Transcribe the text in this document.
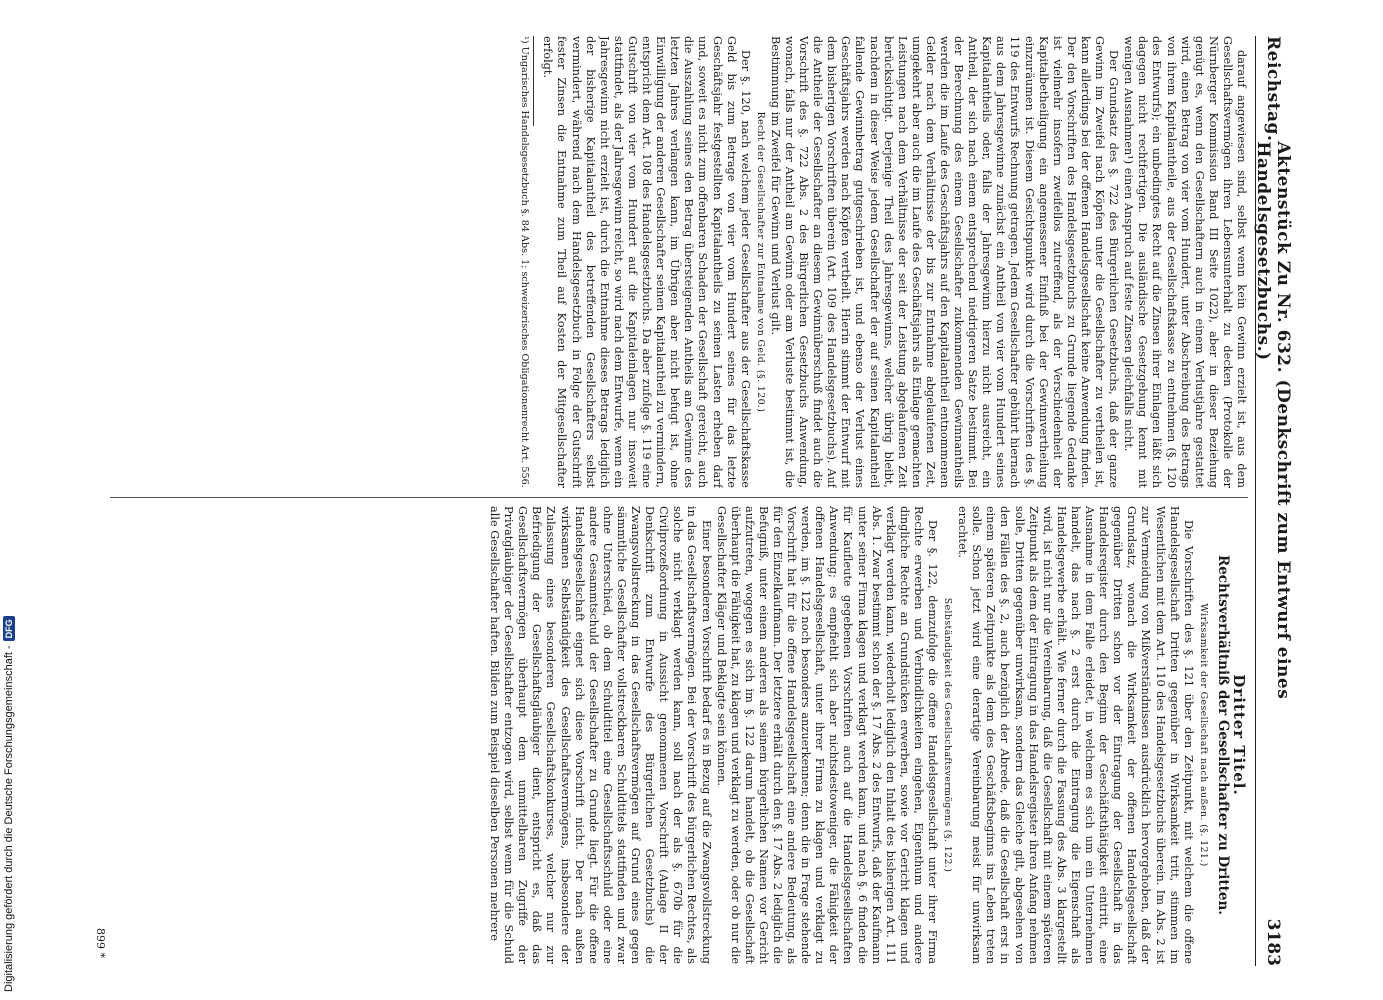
Digitalisierung gefördert durch die Deutsche Forschungsgemeinschaft -
DFG
Reichstag.
Aktenstück Zu Nr. 632. (Denkschrift zum Entwurf eines Handelsgesetzbuchs.)
3183

darauf angewiesen sind, selbst wenn kein Gewinn erzielt ist, aus dem Gesellschaftsvermögen ihren Lebensunterhalt zu decken (Protokolle der Nürnberger Kommission Band III Seite 1022), aber in dieser Beziehung genügt es, wenn den Gesellschaftern auch in einem Verlustjahre gestattet wird, einen Betrag von vier vom Hundert, unter Abschreibung des Betrags von ihrem Kapitalantheile, aus der Gesellschaftskasse zu entnehmen (§. 120 des Entwurfs); ein unbedingtes Recht auf die Zinsen ihrer Einlagen läßt sich dagegen nicht rechtfertigen. Die ausländische Gesetzgebung kennt mit wenigen Ausnahmen¹) einen Anspruch auf feste Zinsen gleichfalls nicht.

Der Grundsatz des §. 722 des Bürgerlichen Gesetzbuchs, daß der ganze Gewinn im Zweifel nach Köpfen unter die Gesellschafter zu vertheilen ist, kann allerdings bei der offenen Handelsgesellschaft keine Anwendung finden. Der den Vorschriften des Handelsgesetzbuchs zu Grunde liegende Gedanke ist vielmehr insofern zweifellos zutreffend, als der Verschiedenheit der Kapitalbetheiligung ein angemessener Einfluß bei der Gewinnvertheilung einzuräumen ist. Diesem Gesichtspunkte wird durch die Vorschriften des §. 119 des Entwurfs Rechnung getragen. Jedem Gesellschafter gebührt hiernach aus dem Jahresgewinne zunächst ein Antheil von vier vom Hundert seines Kapitalantheils oder, falls der Jahresgewinn hierzu nicht ausreicht, ein Antheil, der sich nach einem entsprechend niedrigeren Satze bestimmt. Bei der Berechnung des einem Gesellschafter zukommenden Gewinnantheils werden die im Laufe des Geschäftsjahrs auf den Kapitalantheil entnommenen Gelder nach dem Verhältnisse der bis zur Entnahme abgelaufenen Zeit, umgekehrt aber auch die im Laufe des Geschäftsjahrs als Einlage gemachten Leistungen nach dem Verhältnisse der seit der Leistung abgelaufenen Zeit berücksichtigt. Derjenige Theil des Jahresgewinns, welcher übrig bleibt, nachdem in dieser Weise jedem Gesellschafter der auf seinen Kapitalantheil fallende Gewinnbetrag gutgeschrieben ist, und ebenso der Verlust eines Geschäftsjahrs werden nach Köpfen vertheilt. Hierin stimmt der Entwurf mit dem bisherigen Vorschriften überein (Art. 109 des Handelsgesetzbuchs). Auf die Antheile der Gesellschafter an diesem Gewinnüberschuß findet auch die Vorschrift des §. 722 Abs. 2 des Bürgerlichen Gesetzbuchs Anwendung, wonach, falls nur der Antheil am Gewinn oder am Verluste bestimmt ist, die Bestimmung im Zweifel für Gewinn und Verlust gilt.

Recht der Gesellschafter zur Entnahme von Geld. (§. 120.)

Der §. 120, nach welchem jeder Gesellschafter aus der Gesellschaftskasse Geld bis zum Betrage von vier vom Hundert seines für das letzte Geschäftsjahr festgestellten Kapitalantheils zu seinen Lasten erheben darf und, soweit es nicht zum offenbaren Schaden der Gesellschaft gereicht, auch die Auszahlung seines den Betrag übersteigenden Antheils am Gewinne des letzten Jahres verlangen kann, im Übrigen aber nicht befugt ist, ohne Einwilligung der anderen Gesellschafter seinen Kapitalantheil zu vermindern, entspricht dem Art. 108 des Handelsgesetzbuchs. Da aber zufolge §. 119 eine Gutschrift von vier vom Hundert auf die Kapitaleinlagen nur insoweit stattfindet, als der Jahresgewinn reicht, so wird nach dem Entwurfe, wenn ein Jahresgewinn nicht erzielt ist, durch die Entnahme dieses Betrags lediglich der bisherige Kapitalantheil des betreffenden Gesellschafters selbst vermindert, während nach dem Handelsgesetzbuch in Folge der Gutschrift fester Zinsen die Entnahme zum Theil auf Kosten der Mitgesellschafter erfolgt.

¹) Ungarisches Handelsgesetzbuch §. 84 Abs. 1; schweizerisches Obligationenrecht Art. 556.

Dritter Titel.
Rechtsverhältniß der Gesellschafter zu Dritten.

Wirksamkeit der Gesellschaft nach außen. (§. 121.)

Die Vorschriften des §. 121 über den Zeitpunkt, mit welchem die offene Handelsgesellschaft Dritten gegenüber in Wirksamkeit tritt, stimmen im Wesentlichen mit dem Art. 110 des Handelsgesetzbuchs überein. Im Abs. 2 ist zur Vermeidung von Mißverständnissen ausdrücklich hervorgehoben, daß der Grundsatz, wonach die Wirksamkeit der offenen Handelsgesellschaft gegenüber Dritten schon vor der Eintragung der Gesellschaft in das Handelsregister durch den Beginn der Geschäftsthätigkeit eintritt, eine Ausnahme in dem Falle erleidet, in welchem es sich um ein Unternehmen handelt, das nach §. 2 erst durch die Eintragung die Eigenschaft als Handelsgewerbe erhält. Wie ferner durch die Fassung des Abs. 3 klargestellt wird, ist nicht nur die Vereinbarung, daß die Gesellschaft mit einem späteren Zeitpunkt als dem der Eintragung in das Handelsregister ihren Anfang nehmen solle, Dritten gegenüber unwirksam, sondern das Gleiche gilt, abgesehen von den Fällen des §. 2, auch bezüglich der Abrede, daß die Gesellschaft erst in einem späteren Zeitpunkte als dem des Geschäftsbeginns ins Leben treten solle. Schon jetzt wird eine derartige Vereinbarung meist für unwirksam erachtet.

Selbständigkeit des Gesellschaftsvermögens (§. 122.)

Der §. 122, demzufolge die offene Handelsgesellschaft unter ihrer Firma Rechte erwerben und Verbindlichkeiten eingehen, Eigenthum und andere dingliche Rechte an Grundstücken erwerben, sowie vor Gericht klagen und verklagt werden kann, wiederholt lediglich den Inhalt des bisherigen Art. 111 Abs. 1. Zwar bestimmt schon der §. 17 Abs. 2 des Entwurfs, daß der Kaufmann unter seiner Firma klagen und verklagt werden kann, und nach §. 6 finden die für Kaufleute gegebenen Vorschriften auch auf die Handelsgesellschaften Anwendung; es empfiehlt sich aber nichtsdestoweniger, die Fähigkeit der offenen Handelsgesellschaft, unter ihrer Firma zu klagen und verklagt zu werden, im §. 122 noch besonders anzuerkennen; denn die in Frage stehende Vorschrift hat für die offene Handelsgesellschaft eine andere Bedeutung, als für den Einzelkaufmann. Der letztere erhält durch den §. 17 Abs. 2 lediglich die Befugniß, unter einem anderen als seinem bürgerlichen Namen vor Gericht aufzutreten, wogegen es sich im §. 122 darum handelt, ob die Gesellschaft überhaupt die Fähigkeit hat, zu klagen und verklagt zu werden, oder ob nur die Gesellschafter Kläger und Beklagte sein können.

Einer besonderen Vorschrift bedarf es in Bezug auf die Zwangsvollstreckung in das Gesellschaftsvermögen. Bei der Vorschrift des bürgerlichen Rechtes, als solche nicht verklagt werden kann, soll nach der als §. 670b für die Civilprozeßordnung in Aussicht genommenen Vorschrift (Anlage II der Denkschrift zum Entwurfe des Bürgerlichen Gesetzbuchs) die Zwangsvollstreckung in das Gesellschaftsvermögen auf Grund eines gegen sämmtliche Gesellschafter vollstreckbaren Schuldtitels stattfinden und zwar ohne Unterschied, ob dem Schuldtitel eine Gesellschaftsschuld oder eine andere Gesammtschuld der Gesellschafter zu Grunde liegt. Für die offene Handelsgesellschaft eignet sich diese Vorschrift nicht. Der nach außen wirksamen Selbständigkeit des Gesellschaftsvermögens, insbesondere der Zulassung eines besonderen Gesellschaftskonkurses, welcher nur zur Befriedigung der Gesellschaftsgläubiger dient, entspricht es, daß das Gesellschaftsvermögen überhaupt dem unmittelbaren Zugriffe der Privatgläubiger der Gesellschafter entzogen wird, selbst wenn für die Schuld alle Gesellschafter haften. Bilden zum Beispiel dieselben Personen mehrere

899 *
